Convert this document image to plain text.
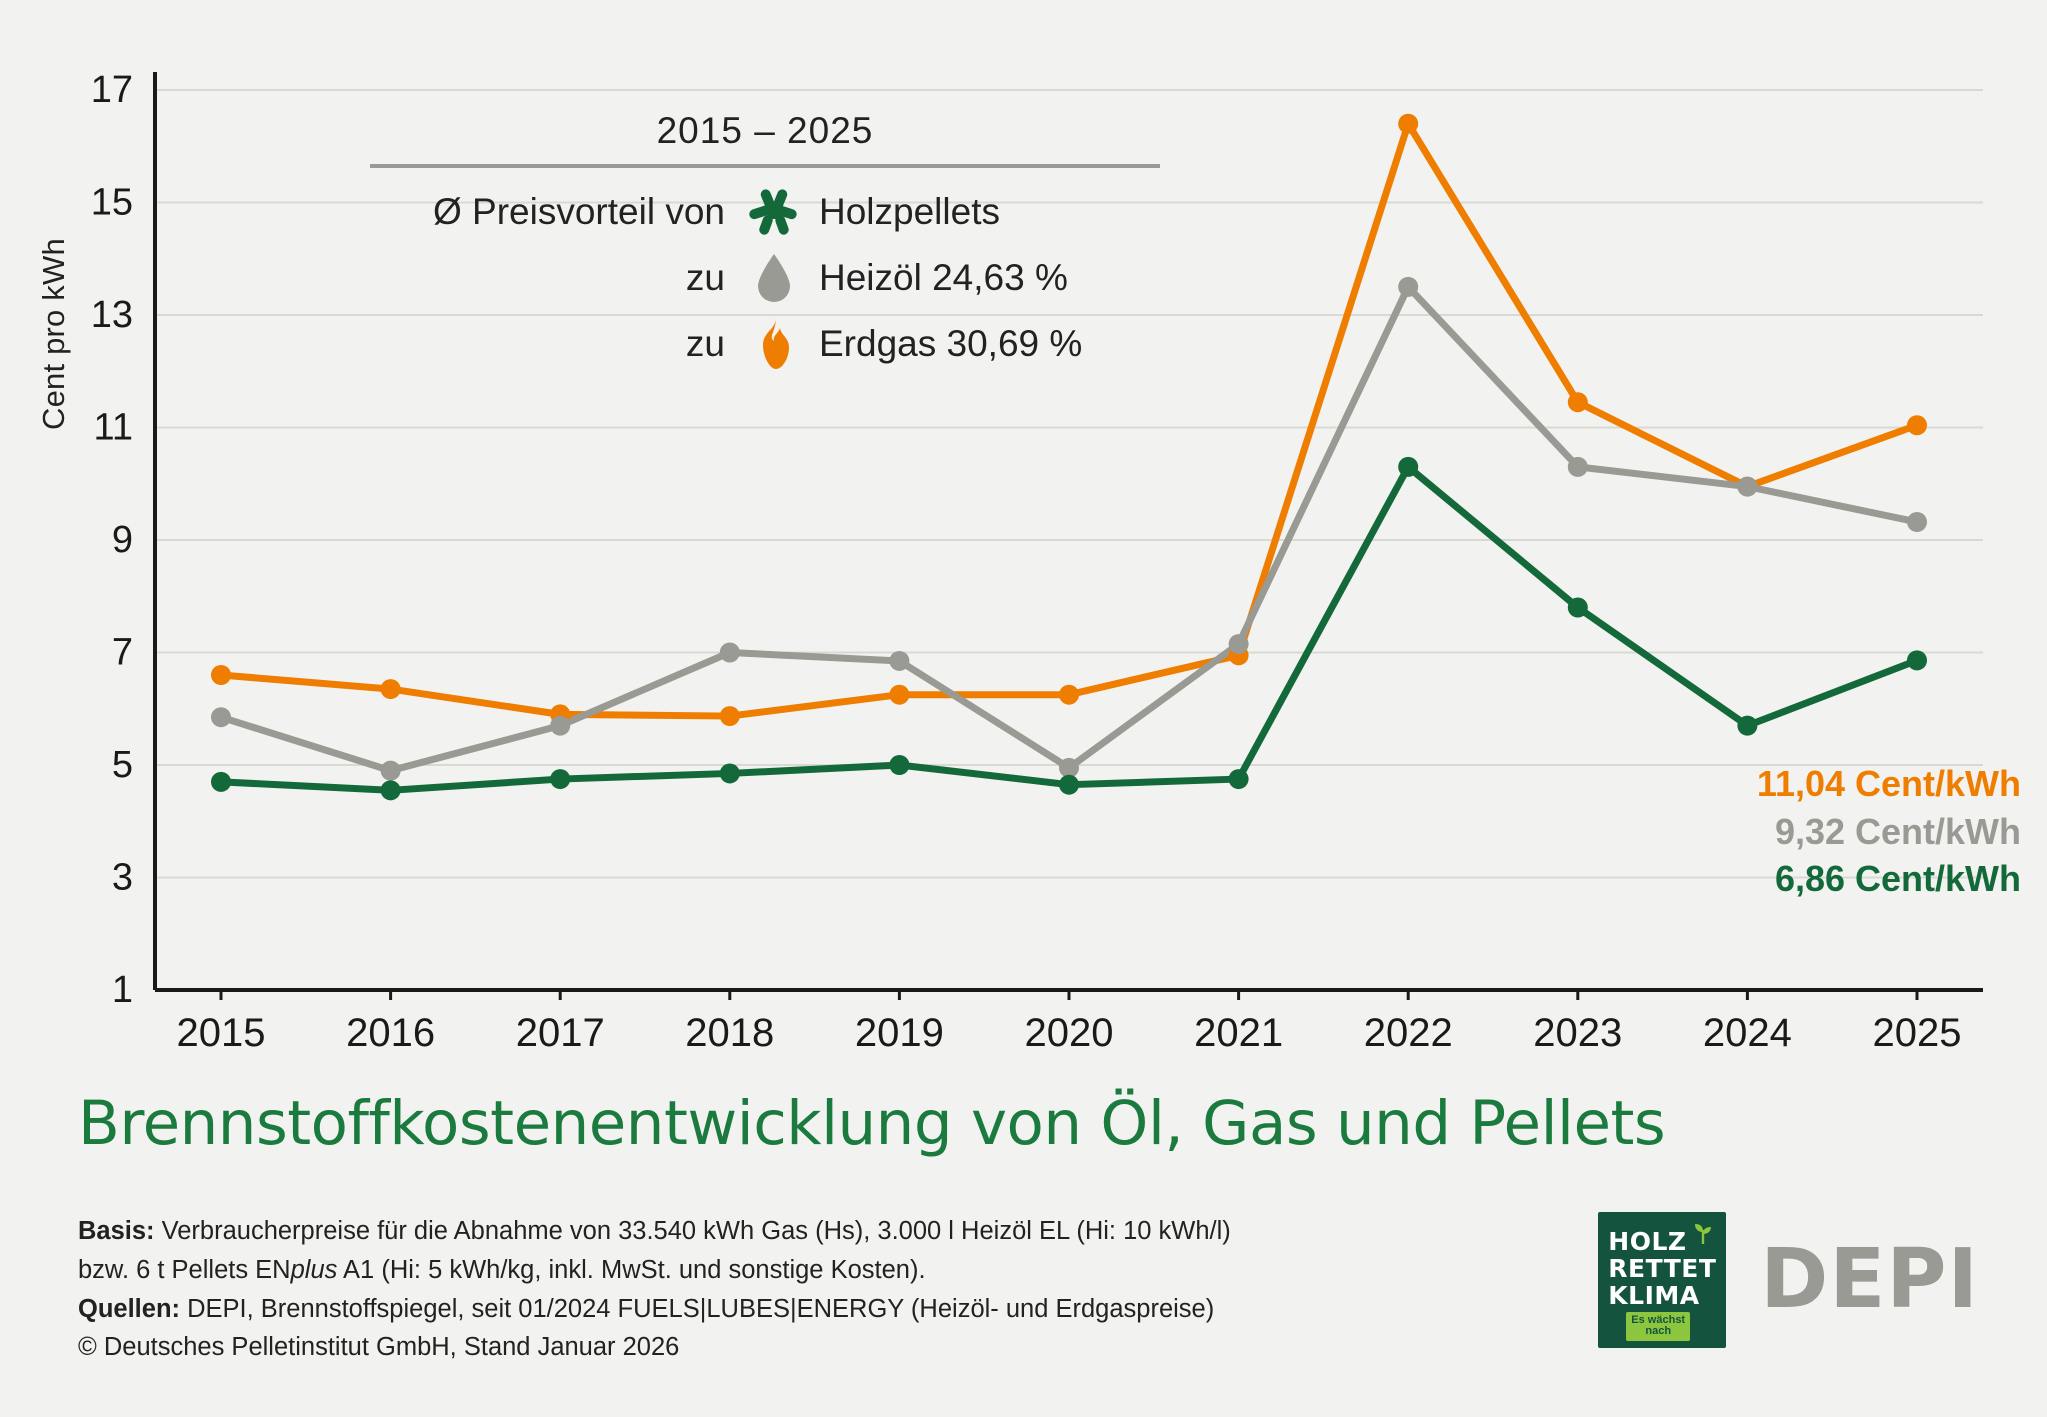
1
3
5
7
9
11
13
15
17
2015 2016 2017 2018 2019 2020 2021 2022 2023 2024 2025
Cent pro kWh
2015 – 2025
Ø Preisvorteil von	Holzpellets
zu	Heizöl 24,63 %
zu	Erdgas 30,69 %
11,04 Cent/kWh
9,32 Cent/kWh
6,86 Cent/kWh
Brennstoffkostenentwicklung von Öl, Gas und Pellets
Basis: Verbraucherpreise für die Abnahme von 33.540 kWh Gas (Hs), 3.000 l Heizöl EL (Hi: 10 kWh/l)
bzw. 6 t Pellets ENplus A1 (Hi: 5 kWh/kg, inkl. MwSt. und sonstige Kosten).
Quellen: DEPI, Brennstoffspiegel, seit 01/2024 FUELS|LUBES|ENERGY (Heizöl- und Erdgaspreise)
© Deutsches Pelletinstitut GmbH, Stand Januar 2026
HOLZ
RETTET
KLIMA
Es wächst
nach
DEPI
